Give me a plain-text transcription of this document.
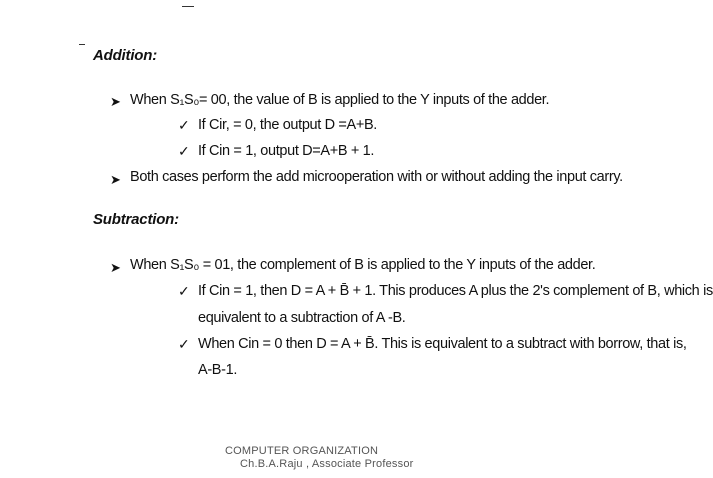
Addition:
➤ When S₁S₀= 00, the value of B is applied to the Y inputs of the adder.
✓ If Cir, = 0, the output D =A+B.
✓ If Cin = 1, output D=A+B + 1.
➤ Both cases perform the add microoperation with or without adding the input carry.
Subtraction:
➤ When S₁S₀ = 01, the complement of B is applied to the Y inputs of the adder.
✓ If Cin = 1, then D = A + B̄ + 1. This produces A plus the 2's complement of B, which is
equivalent to a subtraction of A -B.
✓ When Cin = 0 then D = A + B̄. This is equivalent to a subtract with borrow, that is,
A-B-1.
COMPUTER ORGANIZATION
Ch.B.A.Raju , Associate Professor
